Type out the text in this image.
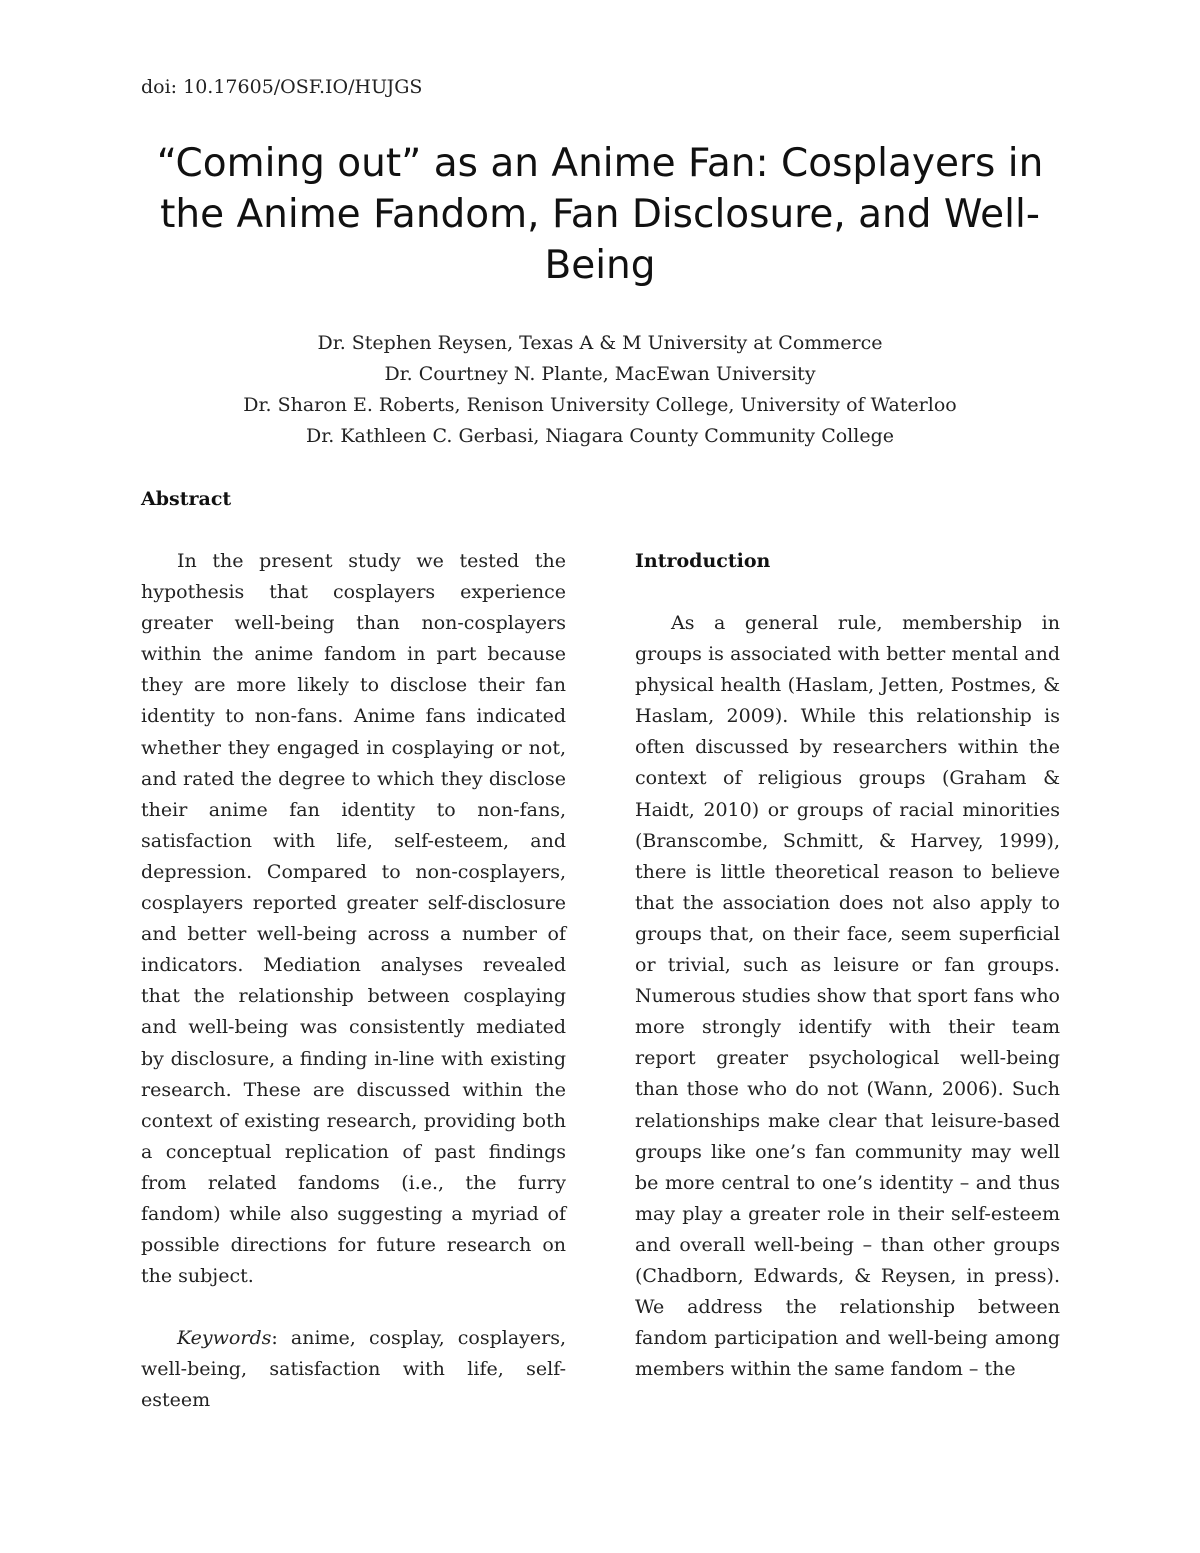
doi: 10.17605/OSF.IO/HUJGS
“Coming out” as an Anime Fan: Cosplayers in the Anime Fandom, Fan Disclosure, and Well-Being
Dr. Stephen Reysen, Texas A & M University at Commerce
Dr. Courtney N. Plante, MacEwan University
Dr. Sharon E. Roberts, Renison University College, University of Waterloo
Dr. Kathleen C. Gerbasi, Niagara County Community College
Abstract

In the present study we tested the hypothesis that cosplayers experience greater well-being than non-cosplayers within the anime fandom in part because they are more likely to disclose their fan identity to non-fans. Anime fans indicated whether they engaged in cosplaying or not, and rated the degree to which they disclose their anime fan identity to non-fans, satisfaction with life, self-esteem, and depression. Compared to non-cosplayers, cosplayers reported greater self-disclosure and better well-being across a number of indicators. Mediation analyses revealed that the relationship between cosplaying and well-being was consistently mediated by disclosure, a finding in-line with existing research. These are discussed within the context of existing research, providing both a conceptual replication of past findings from related fandoms (i.e., the furry fandom) while also suggesting a myriad of possible directions for future research on the subject.

Keywords: anime, cosplay, cosplayers, well-being, satisfaction with life, self-esteem

Introduction

As a general rule, membership in groups is associated with better mental and physical health (Haslam, Jetten, Postmes, & Haslam, 2009). While this relationship is often discussed by researchers within the context of religious groups (Graham & Haidt, 2010) or groups of racial minorities (Branscombe, Schmitt, & Harvey, 1999), there is little theoretical reason to believe that the association does not also apply to groups that, on their face, seem superficial or trivial, such as leisure or fan groups. Numerous studies show that sport fans who more strongly identify with their team report greater psychological well-being than those who do not (Wann, 2006). Such relationships make clear that leisure-based groups like one’s fan community may well be more central to one’s identity – and thus may play a greater role in their self-esteem and overall well-being – than other groups (Chadborn, Edwards, & Reysen, in press). We address the relationship between fandom participation and well-being among members within the same fandom – the
